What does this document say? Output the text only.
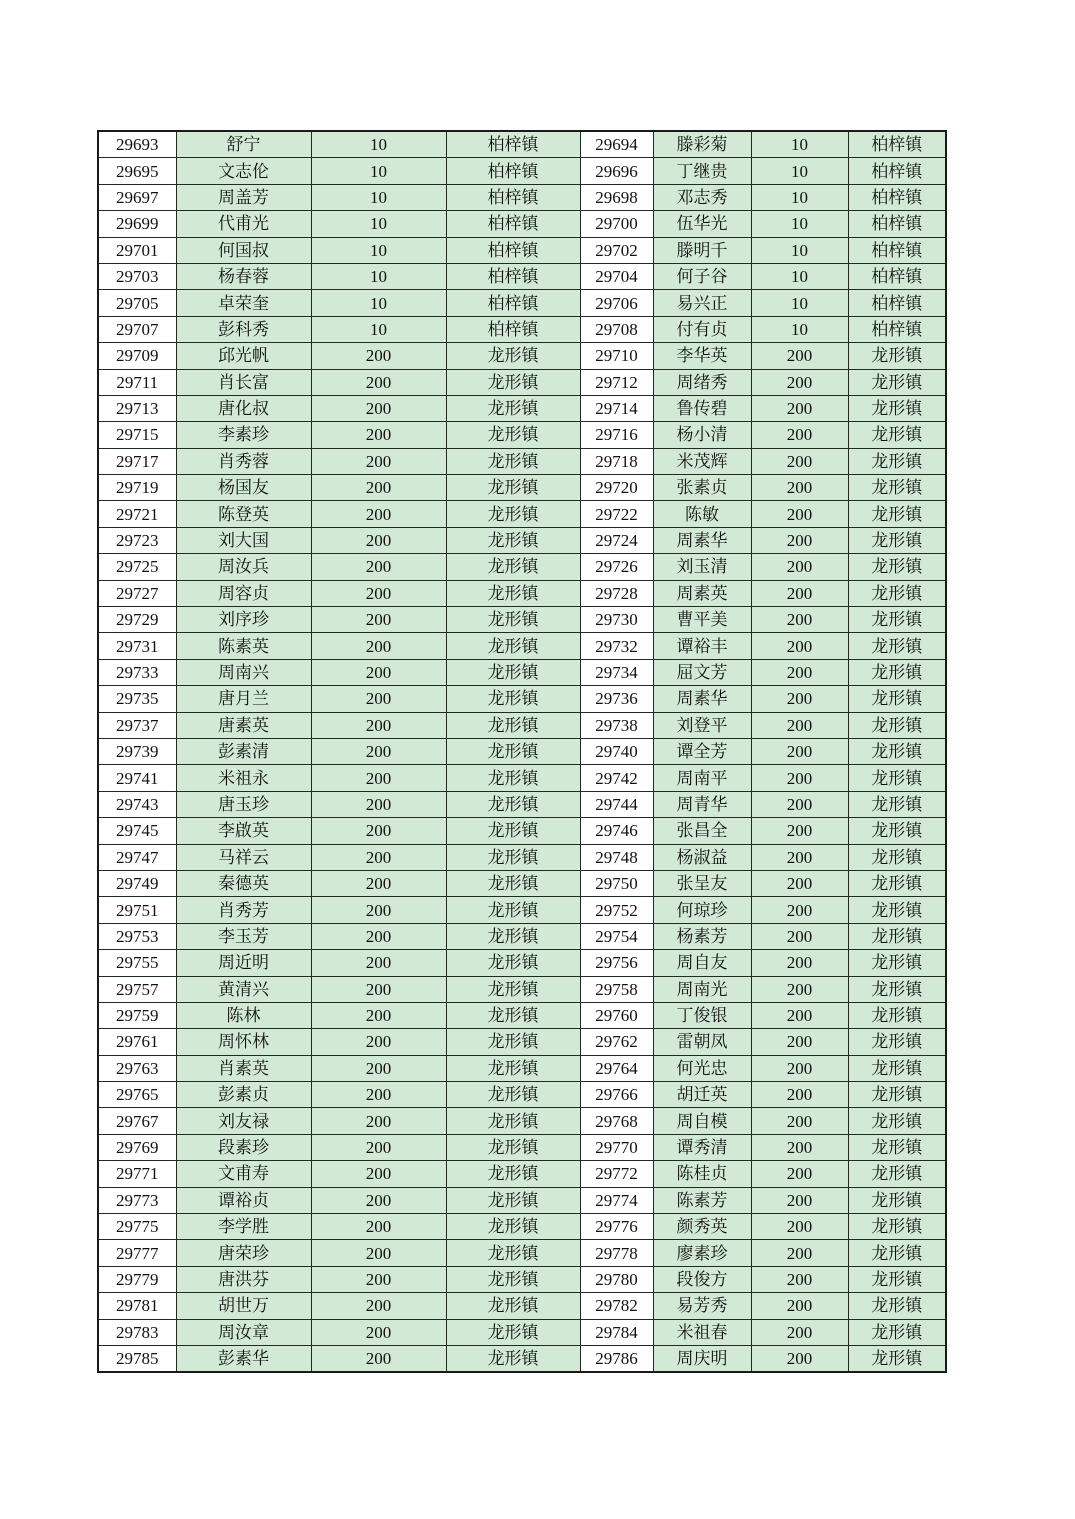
29693	舒宁	10	柏梓镇	29694	滕彩菊	10	柏梓镇
29695	文志伦	10	柏梓镇	29696	丁继贵	10	柏梓镇
29697	周盖芳	10	柏梓镇	29698	邓志秀	10	柏梓镇
29699	代甫光	10	柏梓镇	29700	伍华光	10	柏梓镇
29701	何国叔	10	柏梓镇	29702	滕明千	10	柏梓镇
29703	杨春蓉	10	柏梓镇	29704	何子谷	10	柏梓镇
29705	卓荣奎	10	柏梓镇	29706	易兴正	10	柏梓镇
29707	彭科秀	10	柏梓镇	29708	付有贞	10	柏梓镇
29709	邱光帆	200	龙形镇	29710	李华英	200	龙形镇
29711	肖长富	200	龙形镇	29712	周绪秀	200	龙形镇
29713	唐化叔	200	龙形镇	29714	鲁传碧	200	龙形镇
29715	李素珍	200	龙形镇	29716	杨小清	200	龙形镇
29717	肖秀蓉	200	龙形镇	29718	米茂辉	200	龙形镇
29719	杨国友	200	龙形镇	29720	张素贞	200	龙形镇
29721	陈登英	200	龙形镇	29722	陈敏	200	龙形镇
29723	刘大国	200	龙形镇	29724	周素华	200	龙形镇
29725	周汝兵	200	龙形镇	29726	刘玉清	200	龙形镇
29727	周容贞	200	龙形镇	29728	周素英	200	龙形镇
29729	刘序珍	200	龙形镇	29730	曹平美	200	龙形镇
29731	陈素英	200	龙形镇	29732	谭裕丰	200	龙形镇
29733	周南兴	200	龙形镇	29734	屈文芳	200	龙形镇
29735	唐月兰	200	龙形镇	29736	周素华	200	龙形镇
29737	唐素英	200	龙形镇	29738	刘登平	200	龙形镇
29739	彭素清	200	龙形镇	29740	谭全芳	200	龙形镇
29741	米祖永	200	龙形镇	29742	周南平	200	龙形镇
29743	唐玉珍	200	龙形镇	29744	周青华	200	龙形镇
29745	李啟英	200	龙形镇	29746	张昌全	200	龙形镇
29747	马祥云	200	龙形镇	29748	杨淑益	200	龙形镇
29749	秦德英	200	龙形镇	29750	张呈友	200	龙形镇
29751	肖秀芳	200	龙形镇	29752	何琼珍	200	龙形镇
29753	李玉芳	200	龙形镇	29754	杨素芳	200	龙形镇
29755	周近明	200	龙形镇	29756	周自友	200	龙形镇
29757	黄清兴	200	龙形镇	29758	周南光	200	龙形镇
29759	陈林	200	龙形镇	29760	丁俊银	200	龙形镇
29761	周怀林	200	龙形镇	29762	雷朝凤	200	龙形镇
29763	肖素英	200	龙形镇	29764	何光忠	200	龙形镇
29765	彭素贞	200	龙形镇	29766	胡迁英	200	龙形镇
29767	刘友禄	200	龙形镇	29768	周自模	200	龙形镇
29769	段素珍	200	龙形镇	29770	谭秀清	200	龙形镇
29771	文甫寿	200	龙形镇	29772	陈桂贞	200	龙形镇
29773	谭裕贞	200	龙形镇	29774	陈素芳	200	龙形镇
29775	李学胜	200	龙形镇	29776	颜秀英	200	龙形镇
29777	唐荣珍	200	龙形镇	29778	廖素珍	200	龙形镇
29779	唐洪芬	200	龙形镇	29780	段俊方	200	龙形镇
29781	胡世万	200	龙形镇	29782	易芳秀	200	龙形镇
29783	周汝章	200	龙形镇	29784	米祖春	200	龙形镇
29785	彭素华	200	龙形镇	29786	周庆明	200	龙形镇
